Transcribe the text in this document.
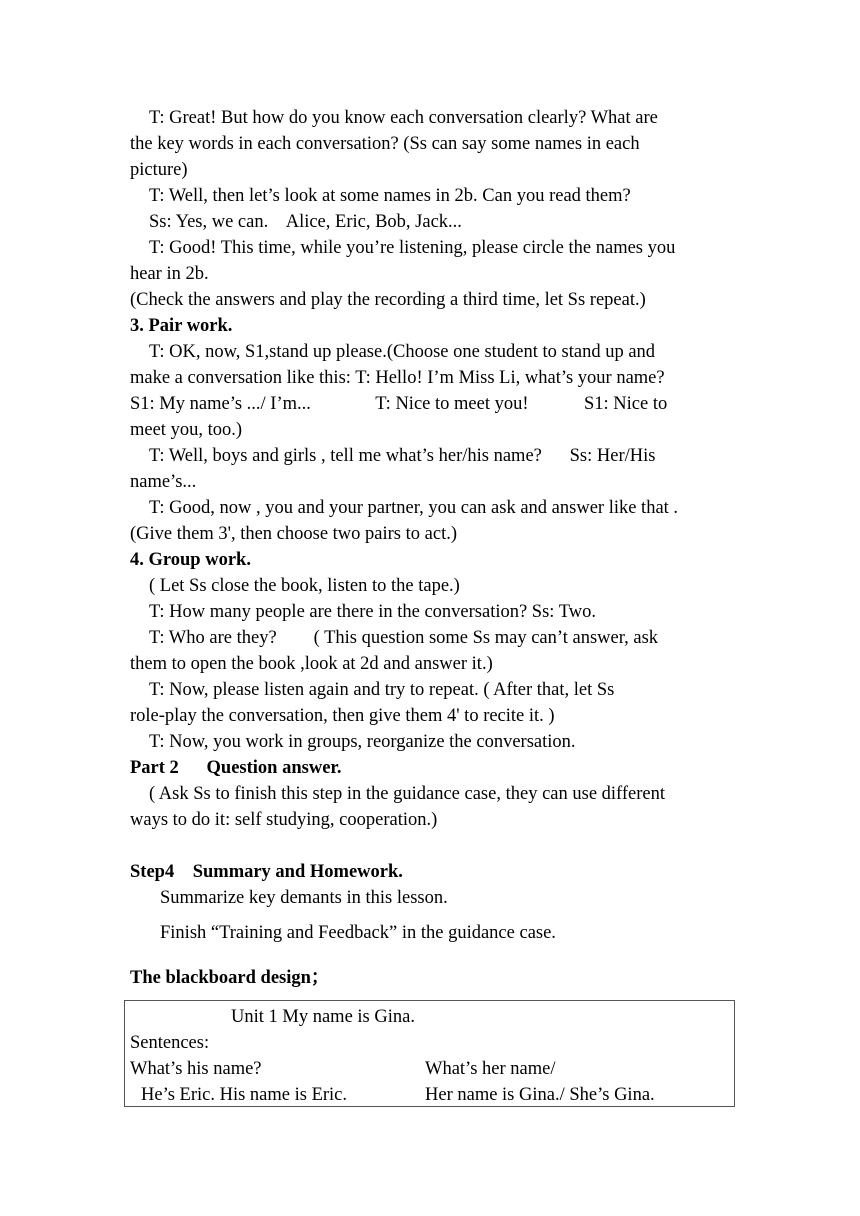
T: Great! But how do you know each conversation clearly? What are
the key words in each conversation? (Ss can say some names in each
picture)
T: Well, then let’s look at some names in 2b. Can you read them?
Ss: Yes, we can.    Alice, Eric, Bob, Jack...
T: Good! This time, while you’re listening, please circle the names you
hear in 2b.
(Check the answers and play the recording a third time, let Ss repeat.)
3. Pair work.
T: OK, now, S1,stand up please.(Choose one student to stand up and
make a conversation like this: T: Hello! I’m Miss Li, what’s your name?
S1: My name’s .../ I’m...              T: Nice to meet you!            S1: Nice to
meet you, too.)
T: Well, boys and girls , tell me what’s her/his name?      Ss: Her/His
name’s...
T: Good, now , you and your partner, you can ask and answer like that .
(Give them 3', then choose two pairs to act.)
4. Group work.
( Let Ss close the book, listen to the tape.)
T: How many people are there in the conversation? Ss: Two.
T: Who are they?        ( This question some Ss may can’t answer, ask
them to open the book ,look at 2d and answer it.)
T: Now, please listen again and try to repeat. ( After that, let Ss
role-play the conversation, then give them 4' to recite it. )
T: Now, you work in groups, reorganize the conversation.
Part 2      Question answer.
( Ask Ss to finish this step in the guidance case, they can use different
ways to do it: self studying, cooperation.)
Step4    Summary and Homework.
Summarize key demants in this lesson.
Finish “Training and Feedback” in the guidance case.
The blackboard design；
Unit 1 My name is Gina.
Sentences:
What’s his name?	What’s her name/
He’s Eric. His name is Eric.	Her name is Gina./ She’s Gina.
